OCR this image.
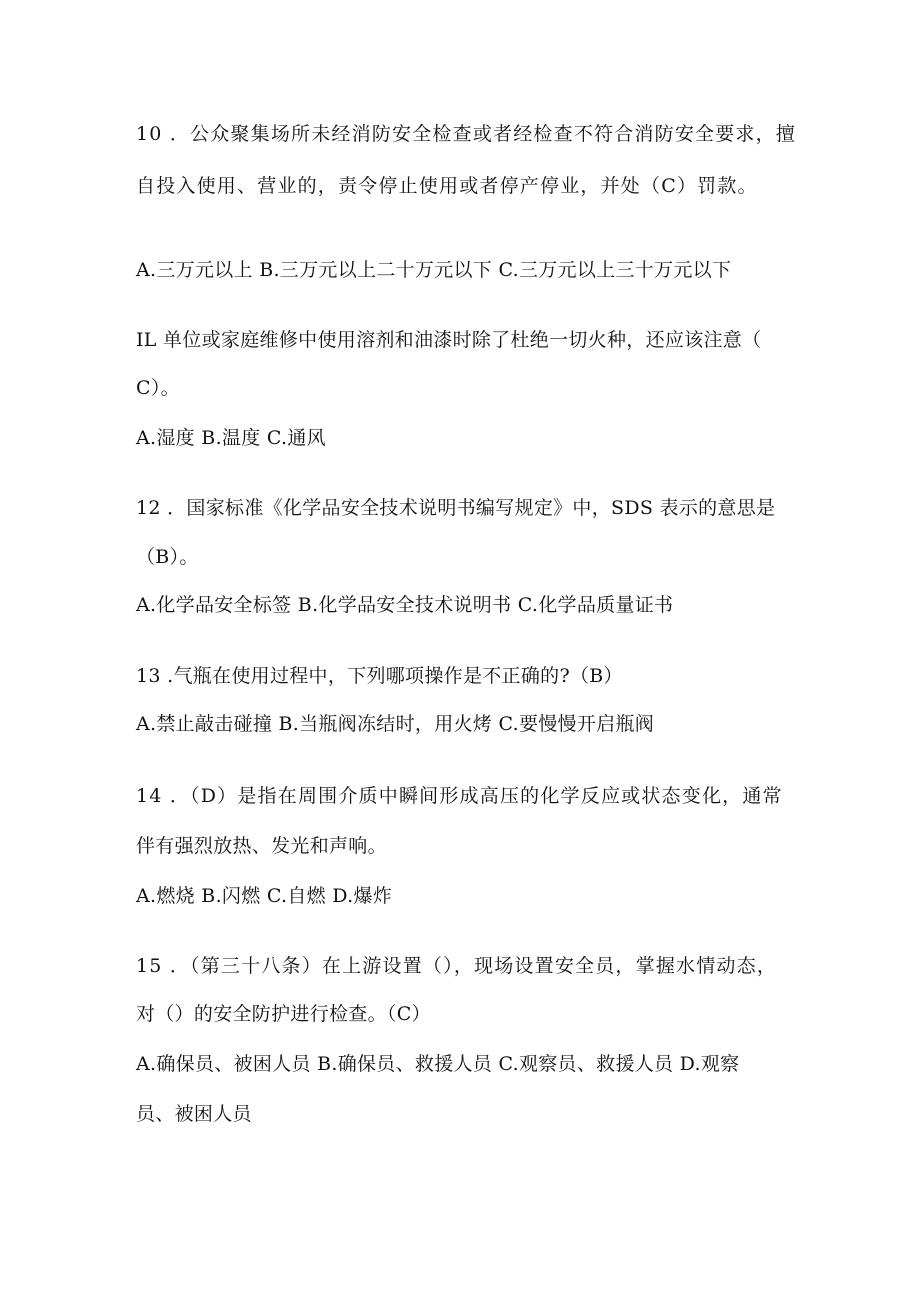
10 ．公众聚集场所未经消防安全检查或者经检查不符合消防安全要求，擅
自投入使用、营业的，责令停止使用或者停产停业，并处（C）罚款。
A.三万元以上 B.三万元以上二十万元以下 C.三万元以上三十万元以下
IL 单位或家庭维修中使用溶剂和油漆时除了杜绝一切火种，还应该注意（
C）。
A.湿度 B.温度 C.通风
12 ．国家标准《化学品安全技术说明书编写规定》中，SDS 表示的意思是
（B）。
A.化学品安全标签 B.化学品安全技术说明书 C.化学品质量证书
13 .气瓶在使用过程中，下列哪项操作是不正确的?（B）
A.禁止敲击碰撞 B.当瓶阀冻结时，用火烤 C.要慢慢开启瓶阀
14 ．（D）是指在周围介质中瞬间形成高压的化学反应或状态变化，通常
伴有强烈放热、发光和声响。
A.燃烧 B.闪燃 C.自燃 D.爆炸
15 ．（第三十八条）在上游设置（），现场设置安全员，掌握水情动态，
对（）的安全防护进行检查。（C）
A.确保员、被困人员 B.确保员、救援人员 C.观察员、救援人员 D.观察
员、被困人员
